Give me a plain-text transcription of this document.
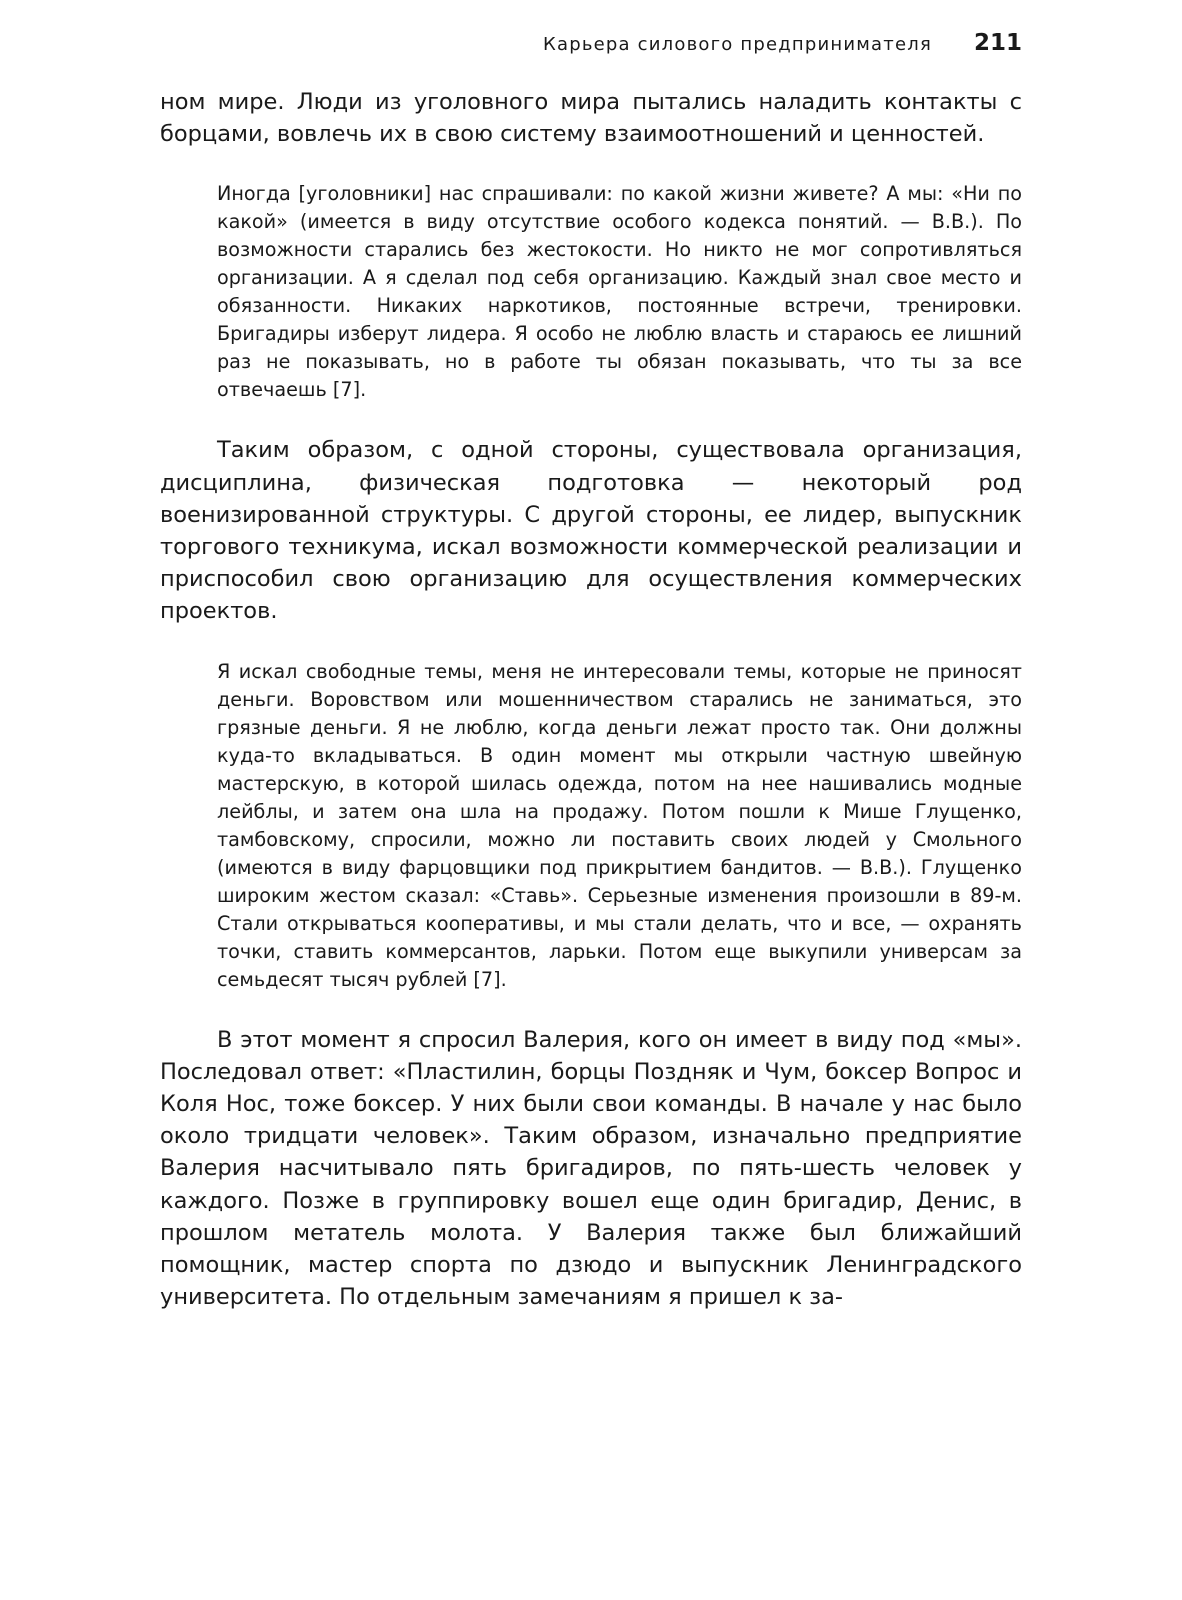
Карьера силового предпринимателя 211

ном мире. Люди из уголовного мира пытались наладить контакты с борцами, вовлечь их в свою систему взаимоотношений и ценностей.

Иногда [уголовники] нас спрашивали: по какой жизни живете? А мы: «Ни по какой» (имеется в виду отсутствие особого кодекса понятий. — В.В.). По возможности старались без жестокости. Но никто не мог сопротивляться организации. А я сделал под себя организацию. Каждый знал свое место и обязанности. Никаких наркотиков, постоянные встречи, тренировки. Бригадиры изберут лидера. Я особо не люблю власть и стараюсь ее лишний раз не показывать, но в работе ты обязан показывать, что ты за все отвечаешь [7].

Таким образом, с одной стороны, существовала организация, дисциплина, физическая подготовка — некоторый род военизированной структуры. С другой стороны, ее лидер, выпускник торгового техникума, искал возможности коммерческой реализации и приспособил свою организацию для осуществления коммерческих проектов.

Я искал свободные темы, меня не интересовали темы, которые не приносят деньги. Воровством или мошенничеством старались не заниматься, это грязные деньги. Я не люблю, когда деньги лежат просто так. Они должны куда-то вкладываться. В один момент мы открыли частную швейную мастерскую, в которой шилась одежда, потом на нее нашивались модные лейблы, и затем она шла на продажу. Потом пошли к Мише Глущенко, тамбовскому, спросили, можно ли поставить своих людей у Смольного (имеются в виду фарцовщики под прикрытием бандитов. — В.В.). Глущенко широким жестом сказал: «Ставь». Серьезные изменения произошли в 89-м. Стали открываться кооперативы, и мы стали делать, что и все, — охранять точки, ставить коммерсантов, ларьки. Потом еще выкупили универсам за семьдесят тысяч рублей [7].

В этот момент я спросил Валерия, кого он имеет в виду под «мы». Последовал ответ: «Пластилин, борцы Поздняк и Чум, боксер Вопрос и Коля Нос, тоже боксер. У них были свои команды. В начале у нас было около тридцати человек». Таким образом, изначально предприятие Валерия насчитывало пять бригадиров, по пять-шесть человек у каждого. Позже в группировку вошел еще один бригадир, Денис, в прошлом метатель молота. У Валерия также был ближайший помощник, мастер спорта по дзюдо и выпускник Ленинградского университета. По отдельным замечаниям я пришел к за-
